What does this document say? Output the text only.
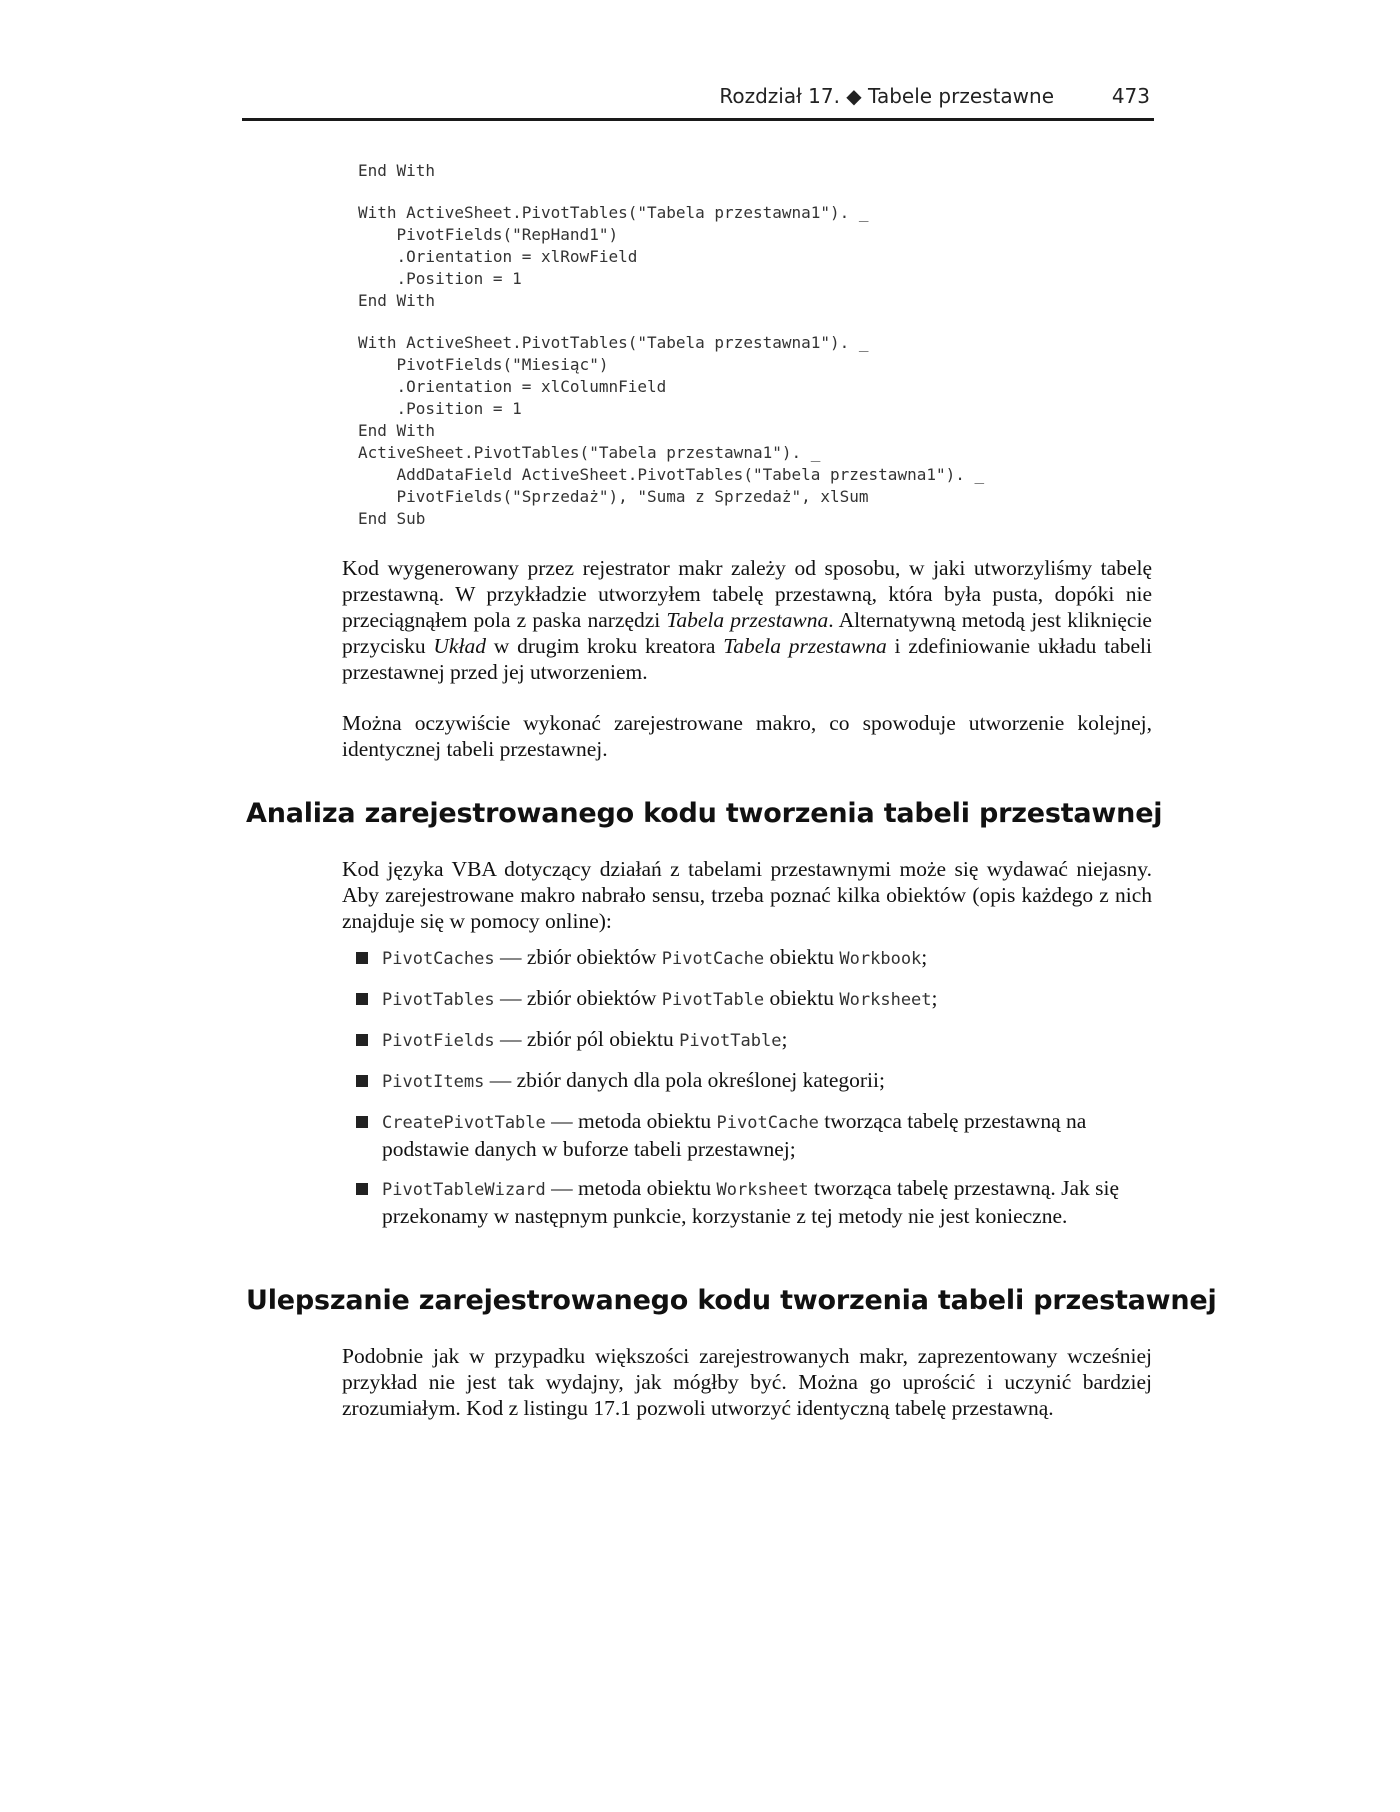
Rozdział 17. ◆ Tabele przestawne	473
End With
With ActiveSheet.PivotTables("Tabela przestawna1"). _
PivotFields("RepHand1")
.Orientation = xlRowField
.Position = 1
End With
With ActiveSheet.PivotTables("Tabela przestawna1"). _
PivotFields("Miesiąc")
.Orientation = xlColumnField
.Position = 1
End With
ActiveSheet.PivotTables("Tabela przestawna1"). _
AddDataField ActiveSheet.PivotTables("Tabela przestawna1"). _
PivotFields("Sprzedaż"), "Suma z Sprzedaż", xlSum
End Sub

Kod wygenerowany przez rejestrator makr zależy od sposobu, w jaki utworzyliśmy tabelę przestawną. W przykładzie utworzyłem tabelę przestawną, która była pusta, dopóki nie przeciągnąłem pola z paska narzędzi Tabela przestawna. Alternatywną metodą jest kliknięcie przycisku Układ w drugim kroku kreatora Tabela przestawna i zdefiniowanie układu tabeli przestawnej przed jej utworzeniem.

Można oczywiście wykonać zarejestrowane makro, co spowoduje utworzenie kolejnej, identycznej tabeli przestawnej.

Analiza zarejestrowanego kodu tworzenia tabeli przestawnej

Kod języka VBA dotyczący działań z tabelami przestawnymi może się wydawać niejasny. Aby zarejestrowane makro nabrało sensu, trzeba poznać kilka obiektów (opis każdego z nich znajduje się w pomocy online):

PivotCaches — zbiór obiektów PivotCache obiektu Workbook;
PivotTables — zbiór obiektów PivotTable obiektu Worksheet;
PivotFields — zbiór pól obiektu PivotTable;
PivotItems — zbiór danych dla pola określonej kategorii;
CreatePivotTable — metoda obiektu PivotCache tworząca tabelę przestawną na podstawie danych w buforze tabeli przestawnej;
PivotTableWizard — metoda obiektu Worksheet tworząca tabelę przestawną. Jak się przekonamy w następnym punkcie, korzystanie z tej metody nie jest konieczne.
Ulepszanie zarejestrowanego kodu tworzenia tabeli przestawnej

Podobnie jak w przypadku większości zarejestrowanych makr, zaprezentowany wcześniej przykład nie jest tak wydajny, jak mógłby być. Można go uprościć i uczynić bardziej zrozumiałym. Kod z listingu 17.1 pozwoli utworzyć identyczną tabelę przestawną.
